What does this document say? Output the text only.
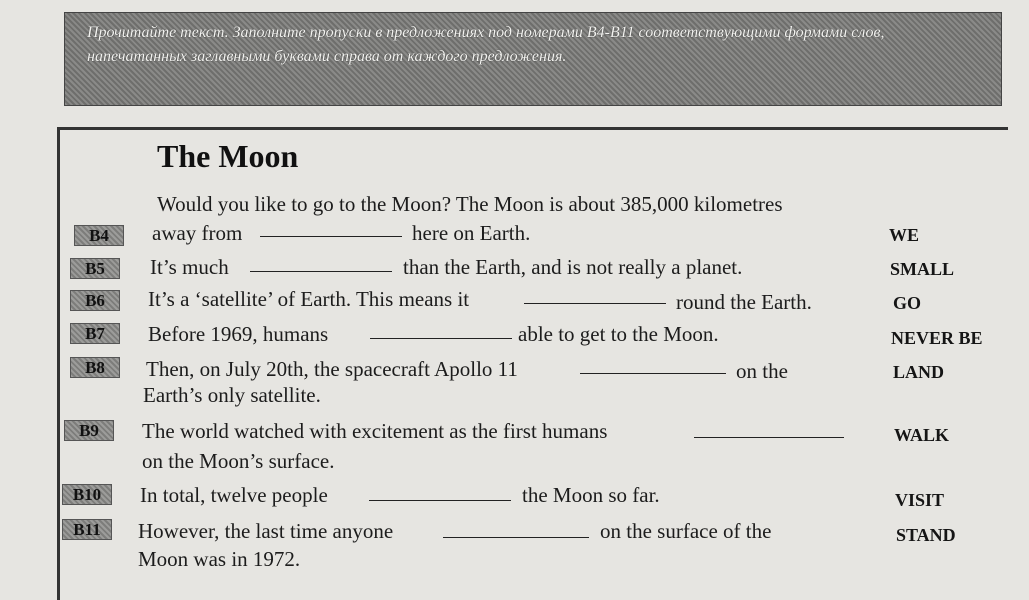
Прочитайте текст. Заполните пропуски в предложениях под номерами B4-B11 соответствующими формами слов, напечатанных заглавными буквами справа от каждого предложения.
The Moon
Would you like to go to the Moon? The Moon is about 385,000 kilometres
B4	away from	here on Earth.	WE
B5	It’s much	than the Earth, and is not really a planet.	SMALL
B6	It’s a ‘satellite’ of Earth. This means it	round the Earth.	GO
B7	Before 1969, humans	able to get to the Moon.	NEVER BE
B8	Then, on July 20th, the spacecraft Apollo 11	on the	LAND
Earth’s only satellite.
B9	The world watched with excitement as the first humans	WALK
on the Moon’s surface.
B10	In total, twelve people	the Moon so far.	VISIT
B11	However, the last time anyone	on the surface of the	STAND
Moon was in 1972.
